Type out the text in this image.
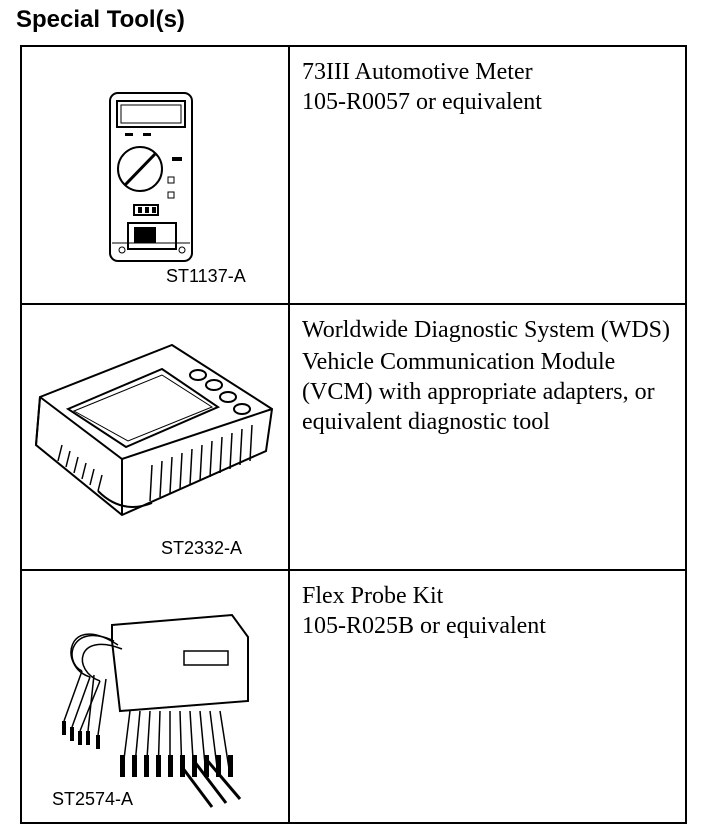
Special Tool(s)
ST1137-A

73III Automotive Meter

105-R0057 or equivalent

ST2332-A

Worldwide Diagnostic System (WDS)

Vehicle Communication Module (VCM) with appropriate adapters, or equivalent diagnostic tool

ST2574-A

Flex Probe Kit

105-R025B or equivalent
